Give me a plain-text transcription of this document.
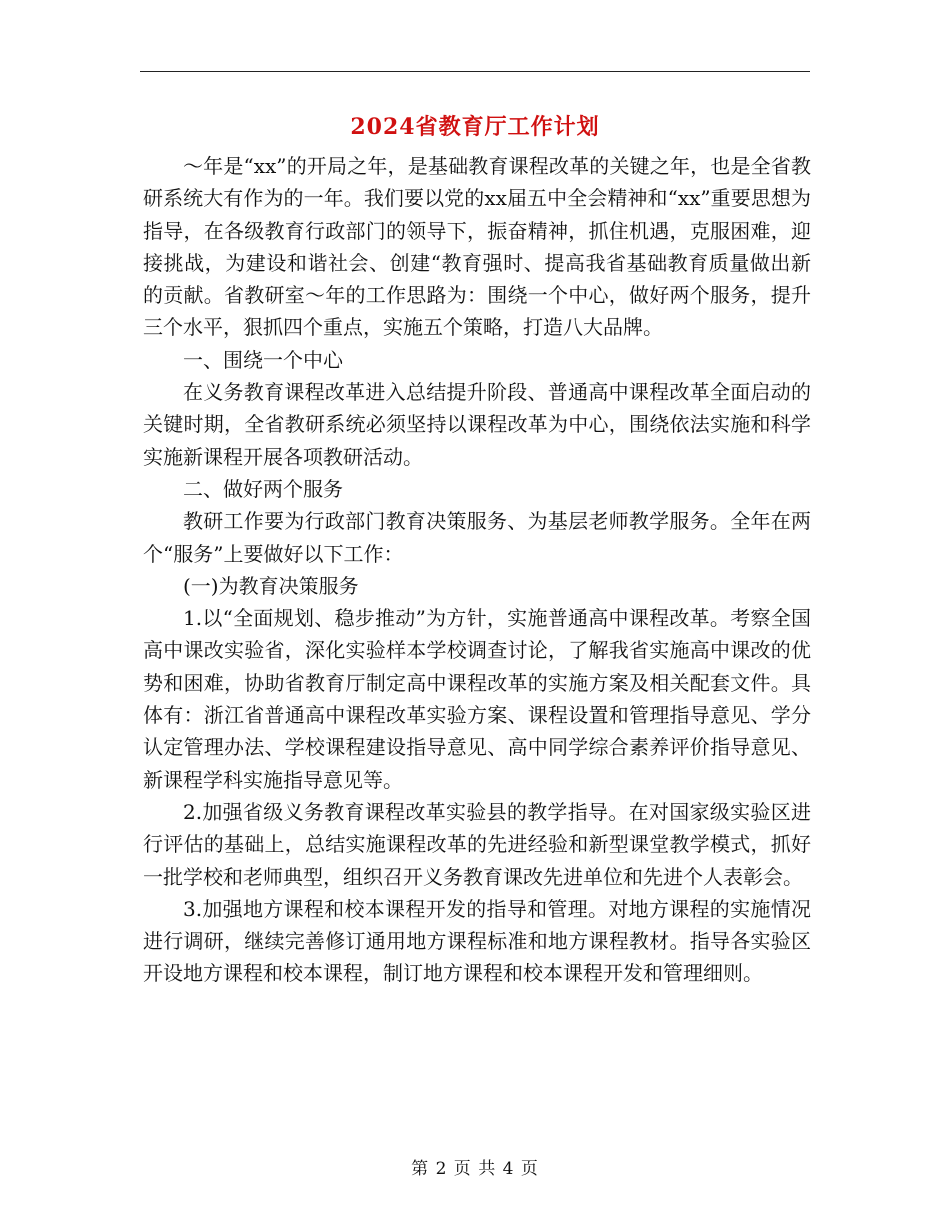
2024省教育厅工作计划

～年是“xx”的开局之年，是基础教育课程改革的关键之年，也是全省教研系统大有作为的一年。我们要以党的xx届五中全会精神和“xx”重要思想为指导，在各级教育行政部门的领导下，振奋精神，抓住机遇，克服困难，迎接挑战，为建设和谐社会、创建“教育强时、提高我省基础教育质量做出新的贡献。省教研室～年的工作思路为：围绕一个中心，做好两个服务，提升三个水平，狠抓四个重点，实施五个策略，打造八大品牌。

一、围绕一个中心

在义务教育课程改革进入总结提升阶段、普通高中课程改革全面启动的关键时期，全省教研系统必须坚持以课程改革为中心，围绕依法实施和科学实施新课程开展各项教研活动。

二、做好两个服务

教研工作要为行政部门教育决策服务、为基层老师教学服务。全年在两个“服务”上要做好以下工作：

(一)为教育决策服务

1.以“全面规划、稳步推动”为方针，实施普通高中课程改革。考察全国高中课改实验省，深化实验样本学校调查讨论，了解我省实施高中课改的优势和困难，协助省教育厅制定高中课程改革的实施方案及相关配套文件。具体有：浙江省普通高中课程改革实验方案、课程设置和管理指导意见、学分认定管理办法、学校课程建设指导意见、高中同学综合素养评价指导意见、新课程学科实施指导意见等。

2.加强省级义务教育课程改革实验县的教学指导。在对国家级实验区进行评估的基础上，总结实施课程改革的先进经验和新型课堂教学模式，抓好一批学校和老师典型，组织召开义务教育课改先进单位和先进个人表彰会。

3.加强地方课程和校本课程开发的指导和管理。对地方课程的实施情况进行调研，继续完善修订通用地方课程标准和地方课程教材。指导各实验区开设地方课程和校本课程，制订地方课程和校本课程开发和管理细则。

第 2 页 共 4 页
